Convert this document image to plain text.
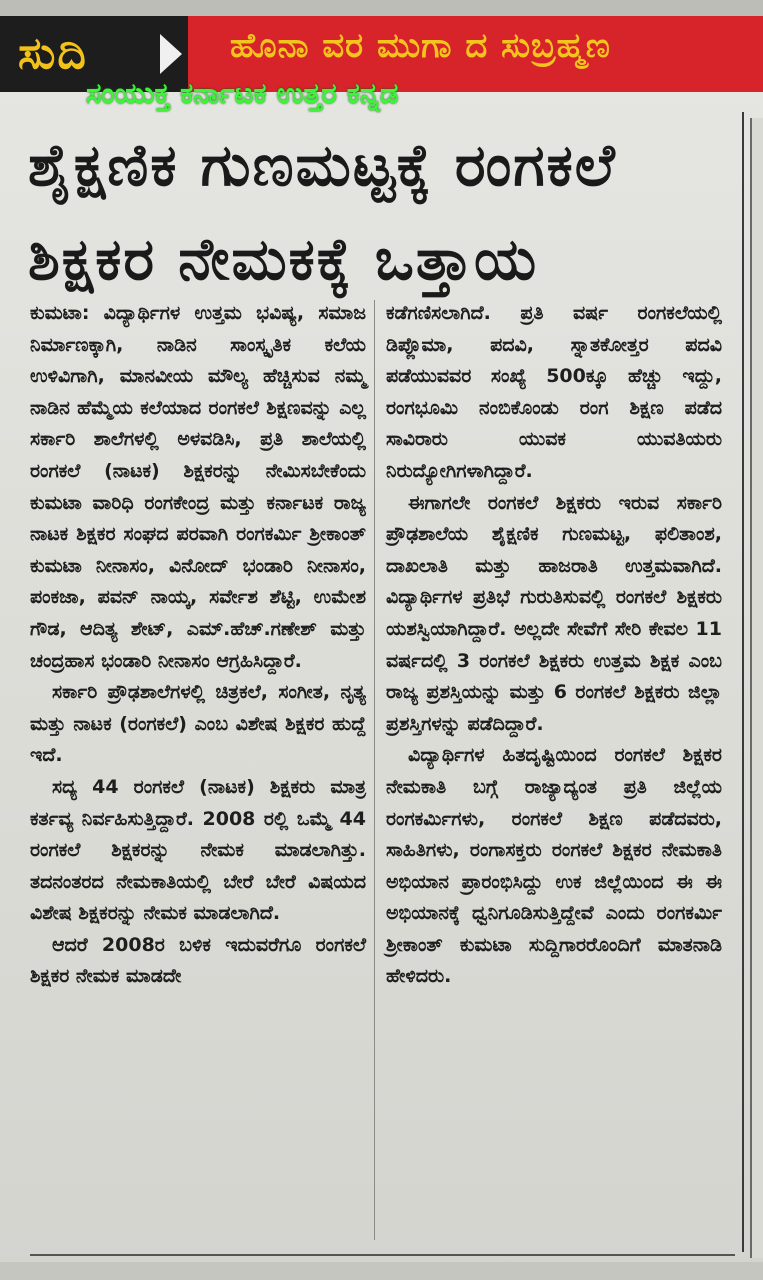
ಸುದಿ	ಹೊನಾ ವರ ಮುಗಾ ದ ಸುಬ್ರಹ್ಮಣ
ಸಂಯುಕ್ತ ಕರ್ನಾಟಕ ಉತ್ತರ ಕನ್ನಡ
ಶೈಕ್ಷಣಿಕ ಗುಣಮಟ್ಟಕ್ಕೆ ರಂಗಕಲೆ
ಶಿಕ್ಷಕರ ನೇಮಕಕ್ಕೆ ಒತ್ತಾಯ

ಕುಮಟಾ: ವಿದ್ಯಾರ್ಥಿಗಳ ಉತ್ತಮ ಭವಿಷ್ಯ, ಸಮಾಜ ನಿರ್ಮಾಣಕ್ಕಾಗಿ, ನಾಡಿನ ಸಾಂಸ್ಕೃತಿಕ ಕಲೆಯ ಉಳಿವಿಗಾಗಿ, ಮಾನವೀಯ ಮೌಲ್ಯ ಹೆಚ್ಚಿಸುವ ನಮ್ಮ ನಾಡಿನ ಹೆಮ್ಮೆಯ ಕಲೆಯಾದ ರಂಗಕಲೆ ಶಿಕ್ಷಣವನ್ನು ಎಲ್ಲ ಸರ್ಕಾರಿ ಶಾಲೆಗಳಲ್ಲಿ ಅಳವಡಿಸಿ, ಪ್ರತಿ ಶಾಲೆಯಲ್ಲಿ ರಂಗಕಲೆ (ನಾಟಕ) ಶಿಕ್ಷಕರನ್ನು ನೇಮಿಸಬೇಕೆಂದು ಕುಮಟಾ ವಾರಿಧಿ ರಂಗಕೇಂದ್ರ ಮತ್ತು ಕರ್ನಾಟಕ ರಾಜ್ಯ ನಾಟಕ ಶಿಕ್ಷಕರ ಸಂಘದ ಪರವಾಗಿ ರಂಗಕರ್ಮಿ ಶ್ರೀಕಾಂತ್ ಕುಮಟಾ ನೀನಾಸಂ, ವಿನೋದ್ ಭಂಡಾರಿ ನೀನಾಸಂ, ಪಂಕಜಾ, ಪವನ್ ನಾಯ್ಕ, ಸರ್ವೇಶ ಶೆಟ್ಟಿ, ಉಮೇಶ ಗೌಡ, ಆದಿತ್ಯ ಶೇಟ್, ಎಮ್.ಹೆಚ್.ಗಣೇಶ್ ಮತ್ತು ಚಂದ್ರಹಾಸ ಭಂಡಾರಿ ನೀನಾಸಂ ಆಗ್ರಹಿಸಿದ್ದಾರೆ.

ಸರ್ಕಾರಿ ಪ್ರೌಢಶಾಲೆಗಳಲ್ಲಿ ಚಿತ್ರಕಲೆ, ಸಂಗೀತ, ನೃತ್ಯ ಮತ್ತು ನಾಟಕ (ರಂಗಕಲೆ) ಎಂಬ ವಿಶೇಷ ಶಿಕ್ಷಕರ ಹುದ್ದೆ ಇದೆ.

ಸದ್ಯ 44 ರಂಗಕಲೆ (ನಾಟಕ) ಶಿಕ್ಷಕರು ಮಾತ್ರ ಕರ್ತವ್ಯ ನಿರ್ವಹಿಸುತ್ತಿದ್ದಾರೆ. 2008 ರಲ್ಲಿ ಒಮ್ಮೆ 44 ರಂಗಕಲೆ ಶಿಕ್ಷಕರನ್ನು ನೇಮಕ ಮಾಡಲಾಗಿತ್ತು. ತದನಂತರದ ನೇಮಕಾತಿಯಲ್ಲಿ ಬೇರೆ ಬೇರೆ ವಿಷಯದ ವಿಶೇಷ ಶಿಕ್ಷಕರನ್ನು ನೇಮಕ ಮಾಡಲಾಗಿದೆ.

ಆದರೆ 2008ರ ಬಳಿಕ ಇದುವರೆಗೂ ರಂಗಕಲೆ ಶಿಕ್ಷಕರ ನೇಮಕ ಮಾಡದೇ

ಕಡೆಗಣಿಸಲಾಗಿದೆ. ಪ್ರತಿ ವರ್ಷ ರಂಗಕಲೆಯಲ್ಲಿ ಡಿಪ್ಲೊಮಾ, ಪದವಿ, ಸ್ನಾತಕೋತ್ತರ ಪದವಿ ಪಡೆಯುವವರ ಸಂಖ್ಯೆ 500ಕ್ಕೂ ಹೆಚ್ಚು ಇದ್ದು, ರಂಗಭೂಮಿ ನಂಬಿಕೊಂಡು ರಂಗ ಶಿಕ್ಷಣ ಪಡೆದ ಸಾವಿರಾರು ಯುವಕ ಯುವತಿಯರು ನಿರುದ್ಯೋಗಿಗಳಾಗಿದ್ದಾರೆ.

ಈಗಾಗಲೇ ರಂಗಕಲೆ ಶಿಕ್ಷಕರು ಇರುವ ಸರ್ಕಾರಿ ಪ್ರೌಢಶಾಲೆಯ ಶೈಕ್ಷಣಿಕ ಗುಣಮಟ್ಟ, ಫಲಿತಾಂಶ, ದಾಖಲಾತಿ ಮತ್ತು ಹಾಜರಾತಿ ಉತ್ತಮವಾಗಿದೆ. ವಿದ್ಯಾರ್ಥಿಗಳ ಪ್ರತಿಭೆ ಗುರುತಿಸುವಲ್ಲಿ ರಂಗಕಲೆ ಶಿಕ್ಷಕರು ಯಶಸ್ವಿಯಾಗಿದ್ದಾರೆ. ಅಲ್ಲದೇ ಸೇವೆಗೆ ಸೇರಿ ಕೇವಲ 11 ವರ್ಷದಲ್ಲಿ 3 ರಂಗಕಲೆ ಶಿಕ್ಷಕರು ಉತ್ತಮ ಶಿಕ್ಷಕ ಎಂಬ ರಾಜ್ಯ ಪ್ರಶಸ್ತಿಯನ್ನು ಮತ್ತು 6 ರಂಗಕಲೆ ಶಿಕ್ಷಕರು ಜಿಲ್ಲಾ ಪ್ರಶಸ್ತಿಗಳನ್ನು ಪಡೆದಿದ್ದಾರೆ.

ವಿದ್ಯಾರ್ಥಿಗಳ ಹಿತದೃಷ್ಟಿಯಿಂದ ರಂಗಕಲೆ ಶಿಕ್ಷಕರ ನೇಮಕಾತಿ ಬಗ್ಗೆ ರಾಜ್ಯಾದ್ಯಂತ ಪ್ರತಿ ಜಿಲ್ಲೆಯ ರಂಗಕರ್ಮಿಗಳು, ರಂಗಕಲೆ ಶಿಕ್ಷಣ ಪಡೆದವರು, ಸಾಹಿತಿಗಳು, ರಂಗಾಸಕ್ತರು ರಂಗಕಲೆ ಶಿಕ್ಷಕರ ನೇಮಕಾತಿ ಅಭಿಯಾನ ಪ್ರಾರಂಭಿಸಿದ್ದು ಉಕ ಜಿಲ್ಲೆಯಿಂದ ಈ ಈ ಅಭಿಯಾನಕ್ಕೆ ಧ್ವನಿಗೂಡಿಸುತ್ತಿದ್ದೇವೆ ಎಂದು ರಂಗಕರ್ಮಿ ಶ್ರೀಕಾಂತ್ ಕುಮಟಾ ಸುದ್ದಿಗಾರರೊಂದಿಗೆ ಮಾತನಾಡಿ ಹೇಳಿದರು.
